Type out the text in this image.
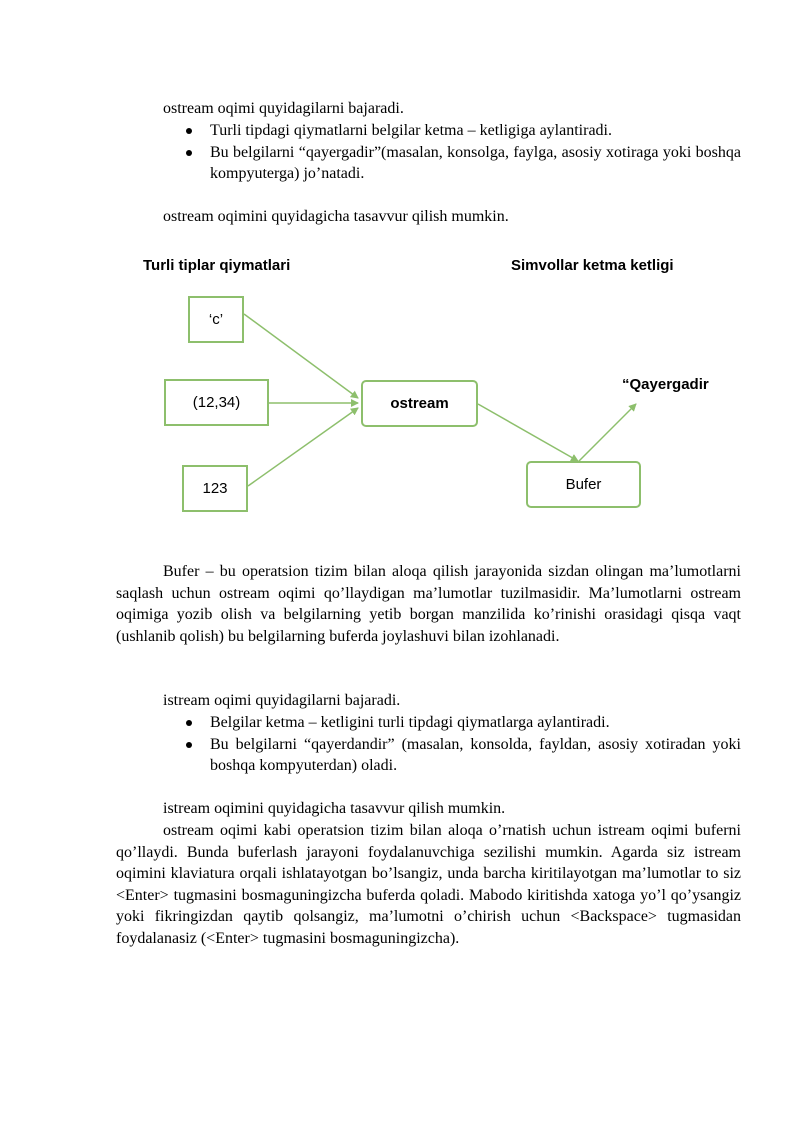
ostream oqimi quyidagilarni bajaradi.

Turli tipdagi qiymatlarni belgilar ketma – ketligiga aylantiradi.
Bu belgilarni “qayergadir”(masalan, konsolga, faylga, asosiy xotiraga yoki boshqa kompyuterga) jo’natadi.

ostream oqimini quyidagicha tasavvur qilish mumkin.

Turli tiplar qiymatlari	Simvollar ketma ketligi
‘c’
(12,34)
123
ostream
Bufer
“Qayergadir

Bufer – bu operatsion tizim bilan aloqa qilish jarayonida sizdan olingan ma’lumotlarni saqlash uchun ostream oqimi qo’llaydigan ma’lumotlar tuzilmasidir. Ma’lumotlarni ostream oqimiga yozib olish va belgilarning yetib borgan manzilida ko’rinishi orasidagi qisqa vaqt (ushlanib qolish) bu belgilarning buferda joylashuvi bilan izohlanadi.

istream oqimi quyidagilarni bajaradi.

Belgilar ketma – ketligini turli tipdagi qiymatlarga aylantiradi.
Bu belgilarni “qayerdandir” (masalan, konsolda, fayldan, asosiy xotiradan yoki boshqa kompyuterdan) oladi.

istream oqimini quyidagicha tasavvur qilish mumkin.

ostream oqimi kabi operatsion tizim bilan aloqa o’rnatish uchun istream oqimi buferni qo’llaydi. Bunda buferlash jarayoni foydalanuvchiga sezilishi mumkin. Agarda siz istream oqimini klaviatura orqali ishlatayotgan bo’lsangiz, unda barcha kiritilayotgan ma’lumotlar to siz <Enter> tugmasini bosmaguningizcha buferda qoladi. Mabodo kiritishda xatoga yo’l qo’ysangiz yoki fikringizdan qaytib qolsangiz, ma’lumotni o’chirish uchun <Backspace> tugmasidan foydalanasiz (<Enter> tugmasini bosmaguningizcha).
